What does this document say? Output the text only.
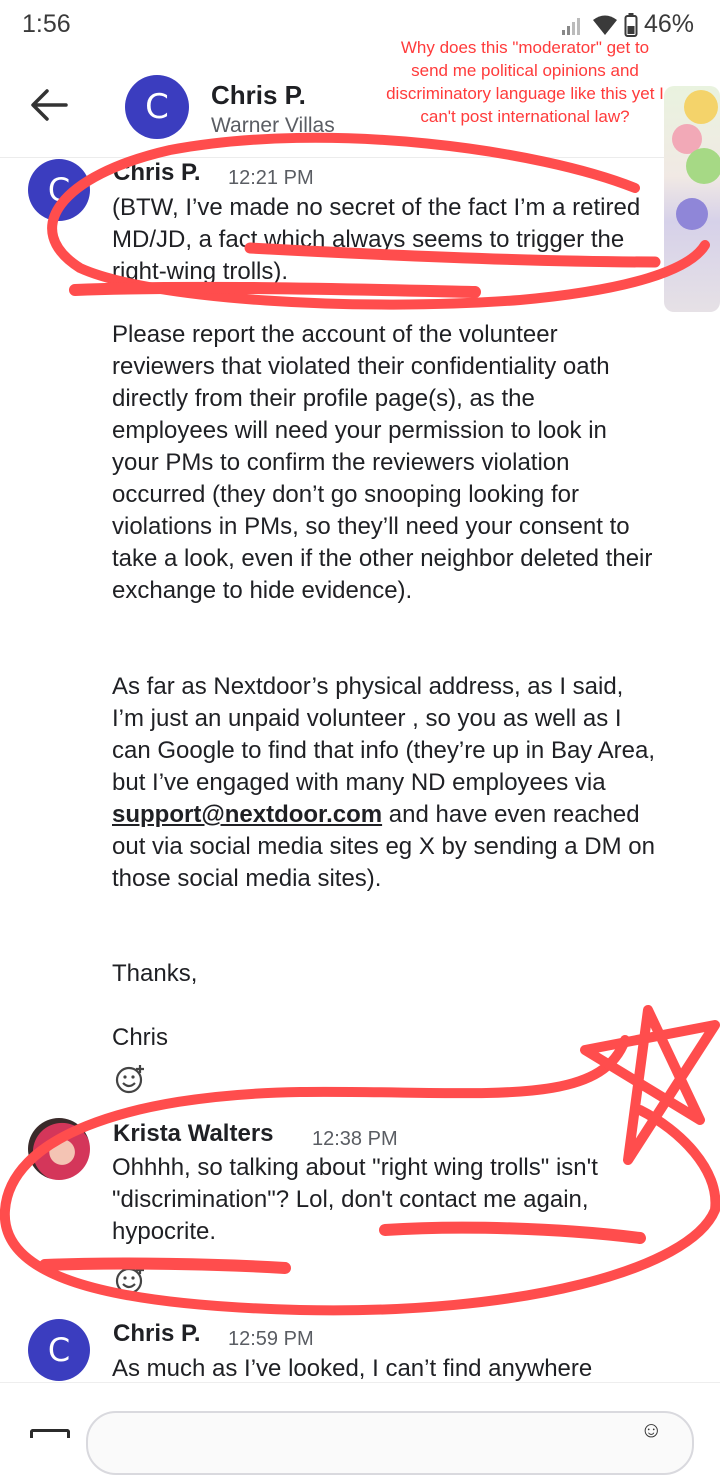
1:56	46%
C	Chris P.
Warner Villas
Why does this "moderator" get to send me political opinions and discriminatory language like this yet I can't post international law?
C	Chris P. 12:21 PM

(BTW, I’ve made no secret of the fact I’m a retired MD/JD, a fact which always seems to trigger the right-wing trolls).

Please report the account of the volunteer reviewers that violated their confidentiality oath directly from their profile page(s), as the employees will need your permission to look in your PMs to confirm the reviewers violation occurred (they don’t go snooping looking for violations in PMs, so they’ll need your consent to take a look, even if the other neighbor deleted their exchange to hide evidence).

As far as Nextdoor’s physical address, as I said, I’m just an unpaid volunteer , so you as well as I can Google to find that info (they’re up in Bay Area, but I’ve engaged with many ND employees via support@nextdoor.com and have even reached out via social media sites eg X by sending a DM on those social media sites).

Thanks,

Chris

Krista Walters 12:38 PM

Ohhhh, so talking about "right wing trolls" isn't "discrimination"? Lol, don't contact me again, hypocrite.

C	Chris P. 12:59 PM

As much as I’ve looked, I can’t find anywhere

☺
